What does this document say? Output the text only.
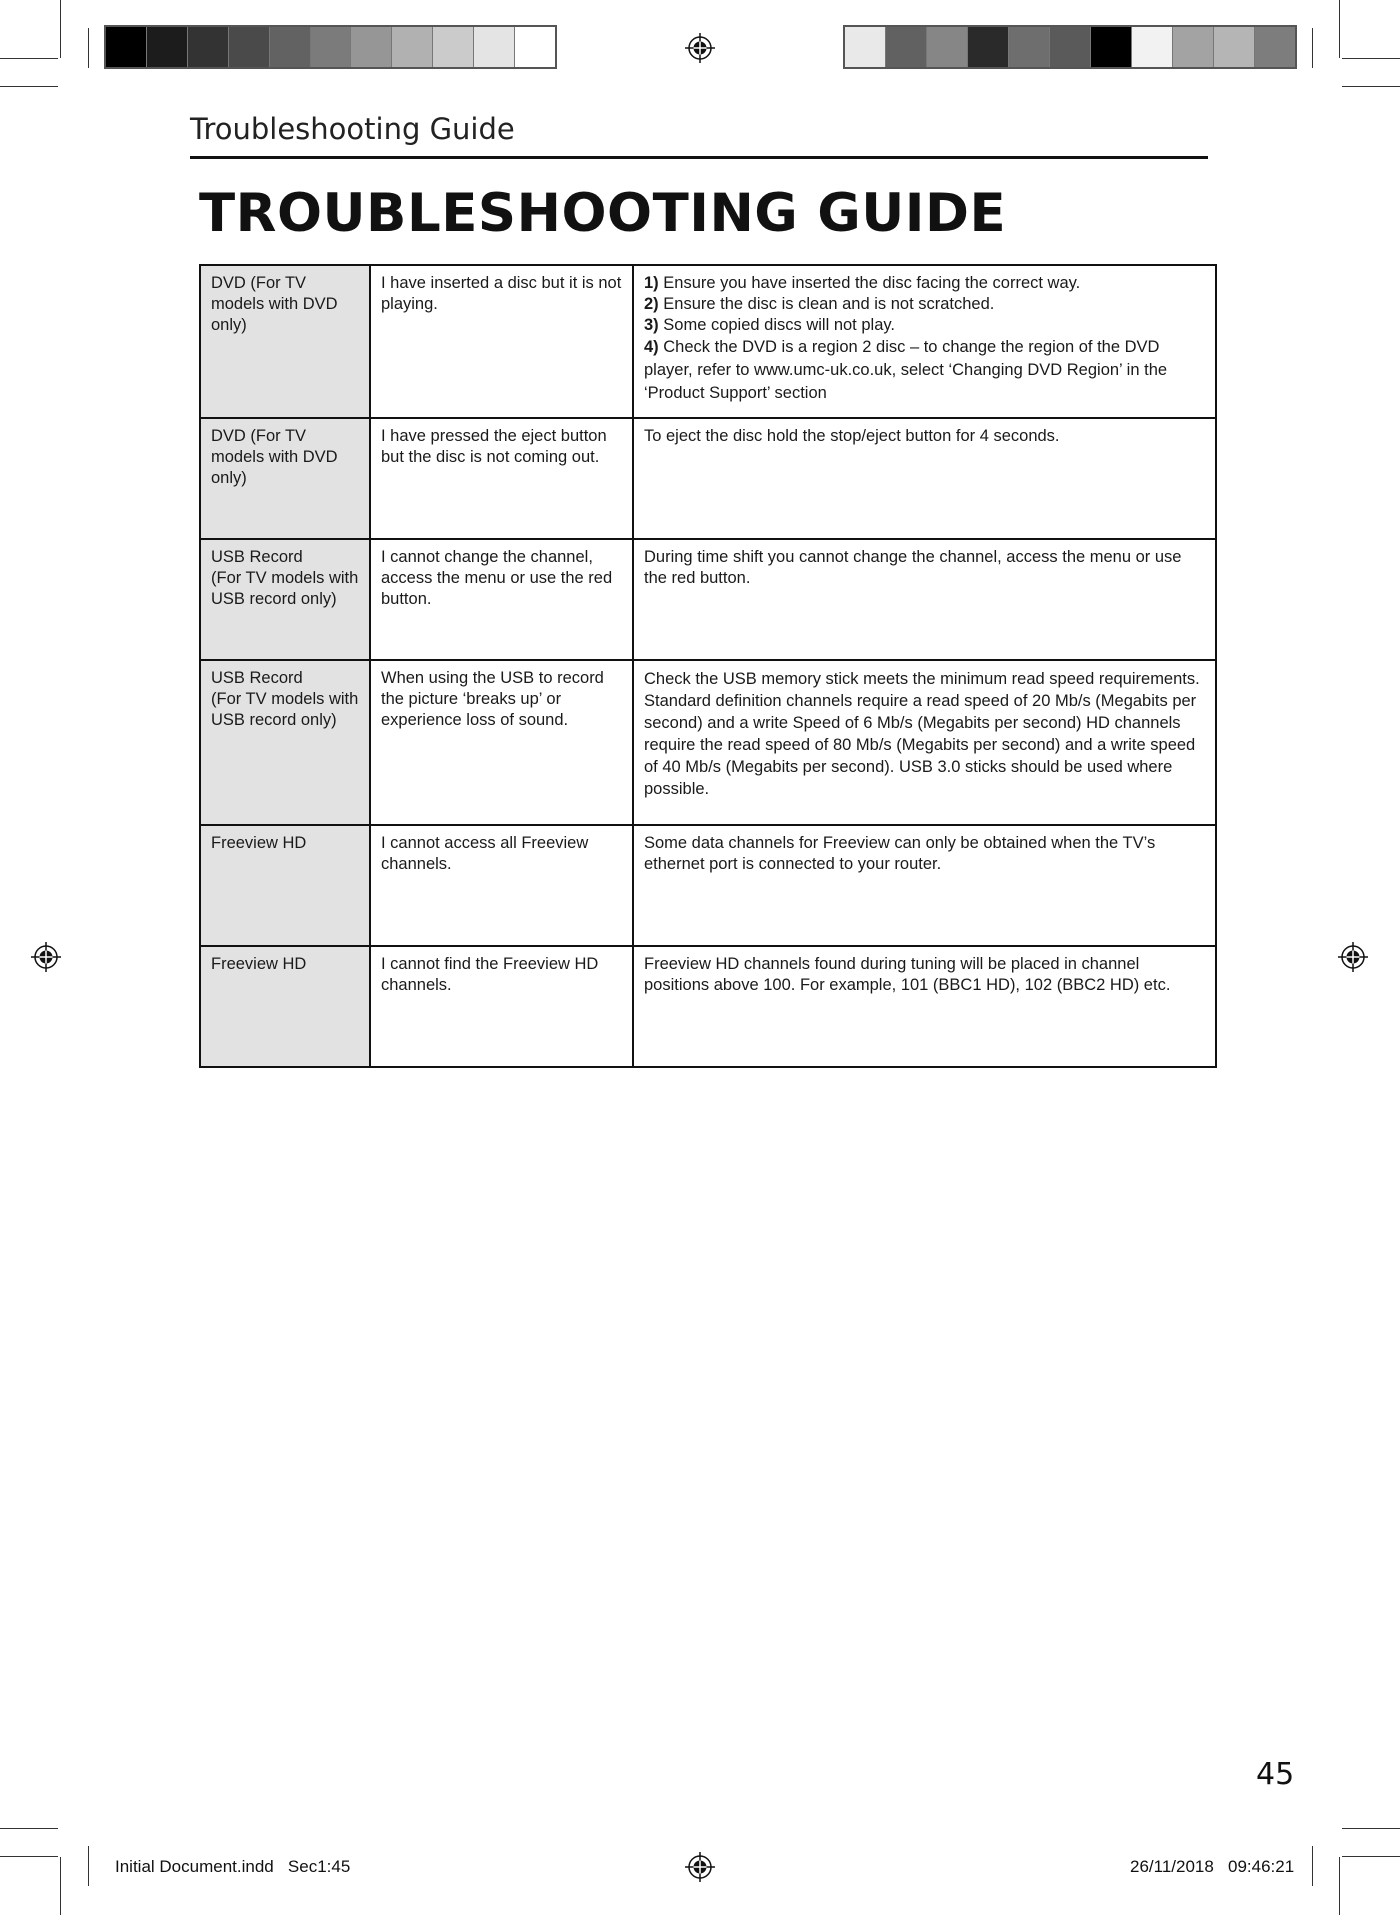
Troubleshooting Guide
TROUBLESHOOTING GUIDE
DVD (For TV models with DVD only)	I have inserted a disc but it is not playing.	1) Ensure you have inserted the disc facing the correct way.
2) Ensure the disc is clean and is not scratched.
3) Some copied discs will not play.
4) Check the DVD is a region 2 disc – to change the region of the DVD player, refer to www.umc-uk.co.uk, select ‘Changing DVD Region’ in the ‘Product Support’ section

DVD (For TV models with DVD only)	I have pressed the eject button but the disc is not coming out.	To eject the disc hold the stop/eject button for 4 seconds.

USB Record
(For TV models with USB record only)	I cannot change the channel, access the menu or use the red button.	During time shift you cannot change the channel, access the menu or use the red button.

USB Record
(For TV models with USB record only)	When using the USB to record the picture ‘breaks up’ or experience loss of sound.	Check the USB memory stick meets the minimum read speed requirements. Standard definition channels require a read speed of 20 Mb/s (Megabits per second) and a write Speed of 6 Mb/s (Megabits per second) HD channels require the read speed of 80 Mb/s (Megabits per second) and a write speed of 40 Mb/s (Megabits per second). USB 3.0 sticks should be used where possible.
Freeview HD	I cannot access all Freeview channels.	Some data channels for Freeview can only be obtained when the TV’s ethernet port is connected to your router.
Freeview HD	I cannot find the Freeview HD channels.	Freeview HD channels found during tuning will be placed in channel positions above 100. For example, 101 (BBC1 HD), 102 (BBC2 HD) etc.
45
Initial Document.indd   Sec1:45	26/11/2018   09:46:21
